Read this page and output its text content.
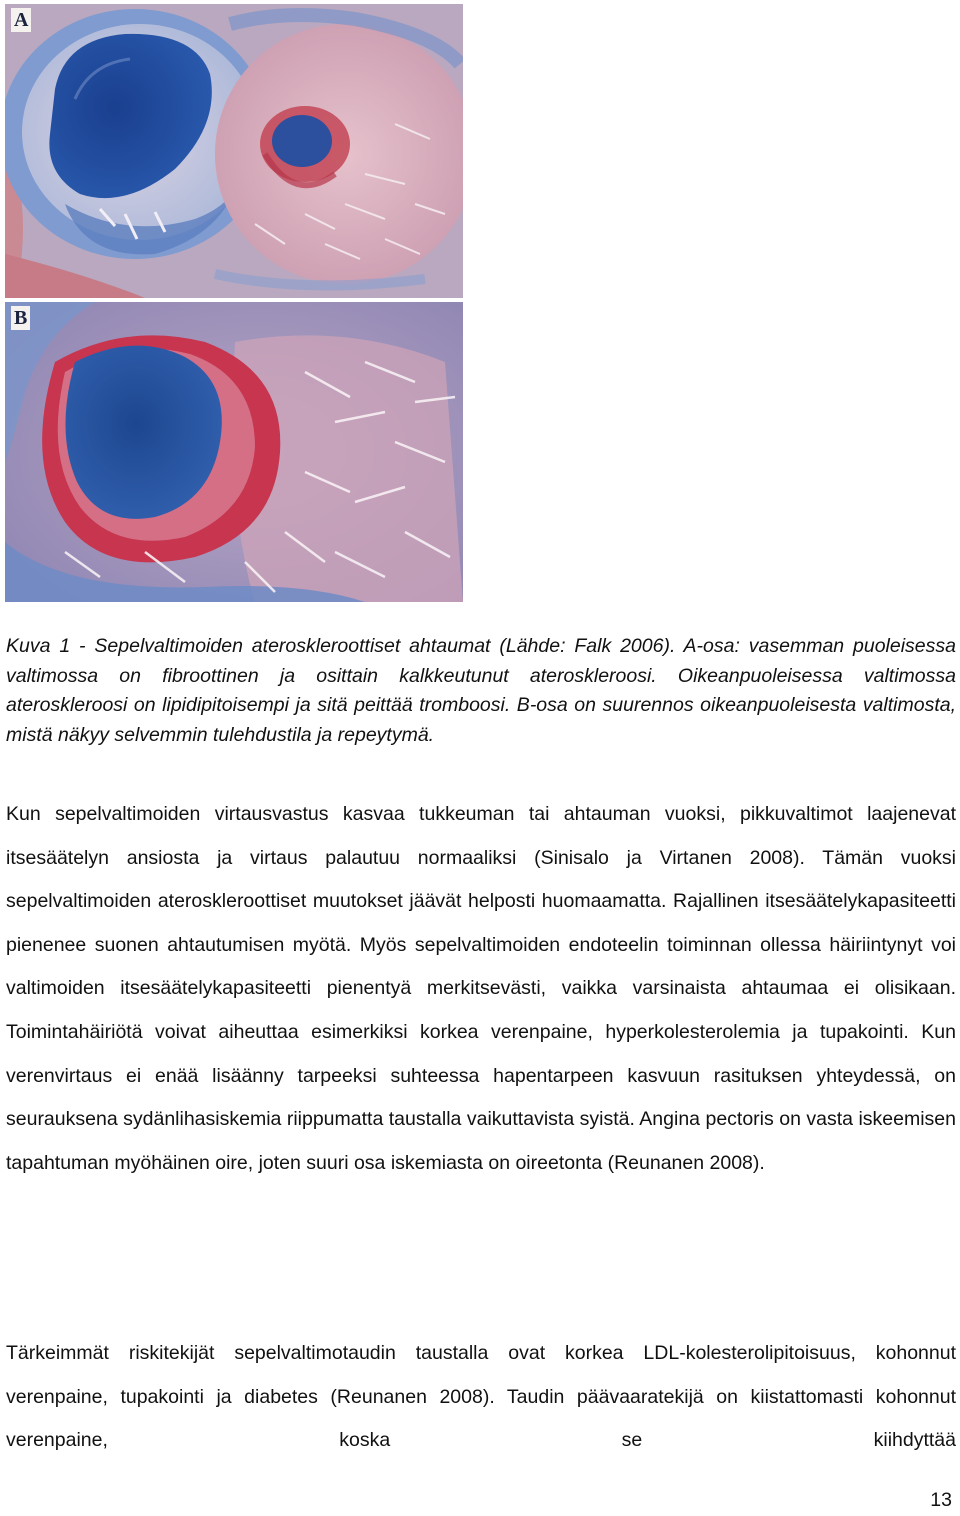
A
B

Kuva 1 - Sepelvaltimoiden ateroskleroottiset ahtaumat (Lähde: Falk 2006). A-osa: vasemman puoleisessa valtimossa on fibroottinen ja osittain kalkkeutunut ateroskleroosi. Oikeanpuoleisessa valtimossa ateroskleroosi on lipidipitoisempi ja sitä peittää tromboosi. B-osa on suurennos oikeanpuoleisesta valtimosta, mistä näkyy selvemmin tulehdustila ja repeytymä.

Kun sepelvaltimoiden virtausvastus kasvaa tukkeuman tai ahtauman vuoksi, pikkuvaltimot laajenevat itsesäätelyn ansiosta ja virtaus palautuu normaaliksi (Sinisalo ja Virtanen 2008). Tämän vuoksi sepelvaltimoiden ateroskleroottiset muutokset jäävät helposti huomaamatta. Rajallinen itsesäätelykapasiteetti pienenee suonen ahtautumisen myötä. Myös sepelvaltimoiden endoteelin toiminnan ollessa häiriintynyt voi valtimoiden itsesäätelykapasiteetti pienentyä merkitsevästi, vaikka varsinaista ahtaumaa ei olisikaan. Toimintahäiriötä voivat aiheuttaa esimerkiksi korkea verenpaine, hyperkolesterolemia ja tupakointi. Kun verenvirtaus ei enää lisäänny tarpeeksi suhteessa hapentarpeen kasvuun rasituksen yhteydessä, on seurauksena sydänlihasiskemia riippumatta taustalla vaikuttavista syistä. Angina pectoris on vasta iskeemisen tapahtuman myöhäinen oire, joten suuri osa iskemiasta on oireetonta (Reunanen 2008).

Tärkeimmät riskitekijät sepelvaltimotaudin taustalla ovat korkea LDL-kolesterolipitoisuus, kohonnut verenpaine, tupakointi ja diabetes (Reunanen 2008). Taudin päävaaratekijä on kiistattomasti kohonnut verenpaine, koska se kiihdyttää

13
